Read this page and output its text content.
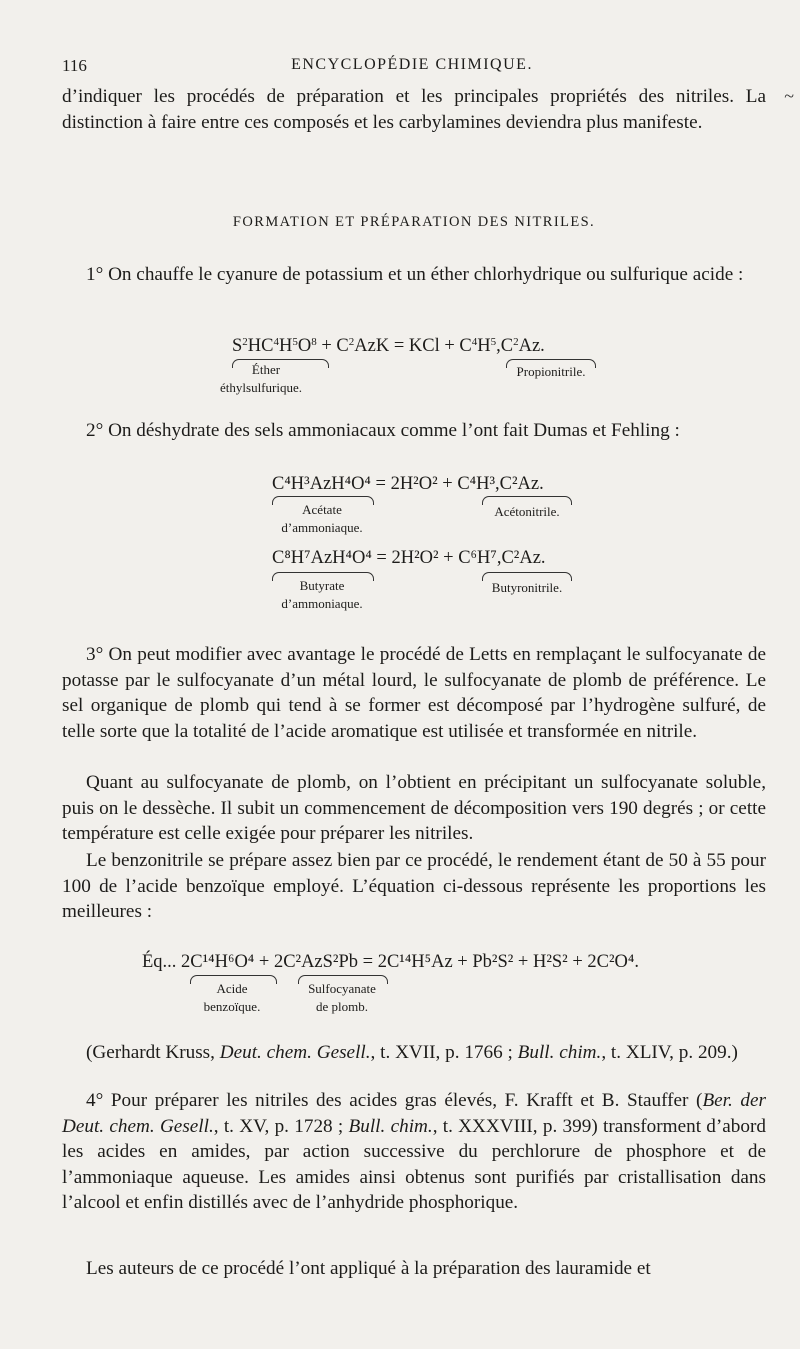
116	ENCYCLOPÉDIE CHIMIQUE.
~
d’indiquer les procédés de préparation et les principales propriétés des nitriles. La distinction à faire entre ces composés et les carbylamines deviendra plus manifeste.
FORMATION ET PRÉPARATION DES NITRILES.
1° On chauffe le cyanure de potassium et un éther chlorhydrique ou sulfurique acide :
$S^2HC^4H^5O^8 + C^2AzK$ = KCl + $C^4H^5,C^2Az$.
Éther
éthylsulfurique.
Propionitrile.
2° On déshydrate des sels ammoniacaux comme l’ont fait Dumas et Fehling :
C⁴H³AzH⁴O⁴ = 2H²O² + C⁴H³,C²Az.
Acétate
d’ammoniaque.
Acétonitrile.
C⁸H⁷AzH⁴O⁴ = 2H²O² + C⁶H⁷,C²Az.
Butyrate
d’ammoniaque.
Butyronitrile.
3° On peut modifier avec avantage le procédé de Letts en remplaçant le sulfocyanate de potasse par le sulfocyanate d’un métal lourd, le sulfocyanate de plomb de préférence. Le sel organique de plomb qui tend à se former est décomposé par l’hydrogène sulfuré, de telle sorte que la totalité de l’acide aromatique est utilisée et transformée en nitrile.
Quant au sulfocyanate de plomb, on l’obtient en précipitant un sulfocyanate soluble, puis on le dessèche. Il subit un commencement de décomposition vers 190 degrés ; or cette température est celle exigée pour préparer les nitriles.
Le benzonitrile se prépare assez bien par ce procédé, le rendement étant de 50 à 55 pour 100 de l’acide benzoïque employé. L’équation ci-dessous représente les proportions les meilleures :
Éq... 2C¹⁴H⁶O⁴ + 2C²AzS²Pb = 2C¹⁴H⁵Az + Pb²S² + H²S² + 2C²O⁴.
Acide
benzoïque.
Sulfocyanate
de plomb.
(Gerhardt Kruss, Deut. chem. Gesell., t. XVII, p. 1766 ; Bull. chim., t. XLIV, p. 209.)
4° Pour préparer les nitriles des acides gras élevés, F. Krafft et B. Stauffer (Ber. der Deut. chem. Gesell., t. XV, p. 1728 ; Bull. chim., t. XXXVIII, p. 399) transforment d’abord les acides en amides, par action successive du perchlorure de phosphore et de l’ammoniaque aqueuse. Les amides ainsi obtenus sont purifiés par cristallisation dans l’alcool et enfin distillés avec de l’anhydride phosphorique.
Les auteurs de ce procédé l’ont appliqué à la préparation des lauramide et
